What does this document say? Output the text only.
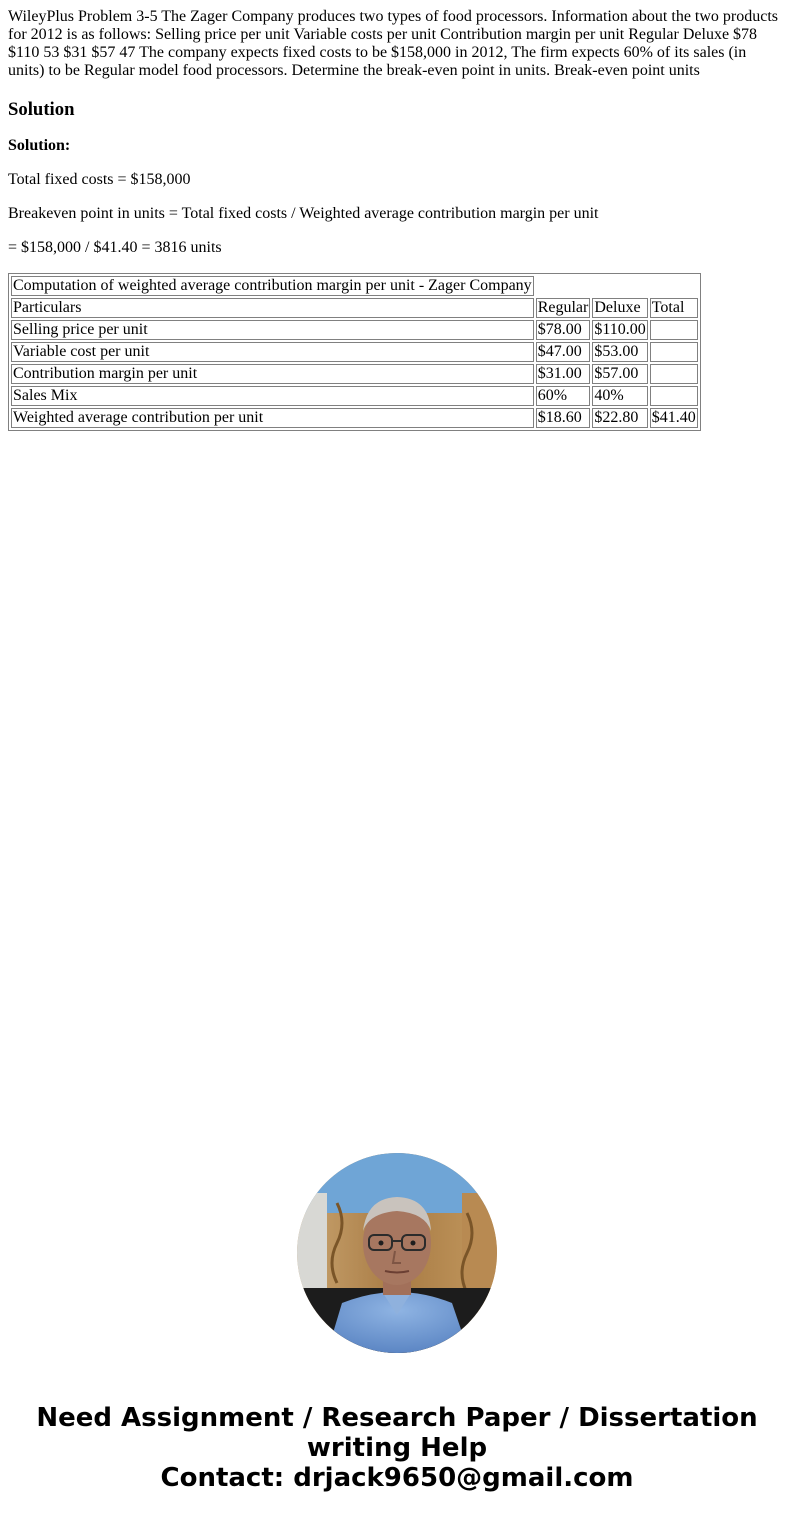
WileyPlus Problem 3-5 The Zager Company produces two types of food processors. Information about the two products for 2012 is as follows: Selling price per unit Variable costs per unit Contribution margin per unit Regular Deluxe $78 $110 53 $31 $57 47 The company expects fixed costs to be $158,000 in 2012, The firm expects 60% of its sales (in units) to be Regular model food processors. Determine the break-even point in units. Break-even point units

Solution

Solution:

Total fixed costs = $158,000

Breakeven point in units = Total fixed costs / Weighted average contribution margin per unit

= $158,000 / $41.40 = 3816 units

Computation of weighted average contribution margin per unit - Zager Company			
Particulars	Regular	Deluxe	Total
Selling price per unit	$78.00	$110.00	
Variable cost per unit	$47.00	$53.00	
Contribution margin per unit	$31.00	$57.00	
Sales Mix	60%	40%	
Weighted average contribution per unit	$18.60	$22.80	$41.40
Need Assignment / Research Paper / Dissertation
writing Help
Contact: drjack9650@gmail.com
